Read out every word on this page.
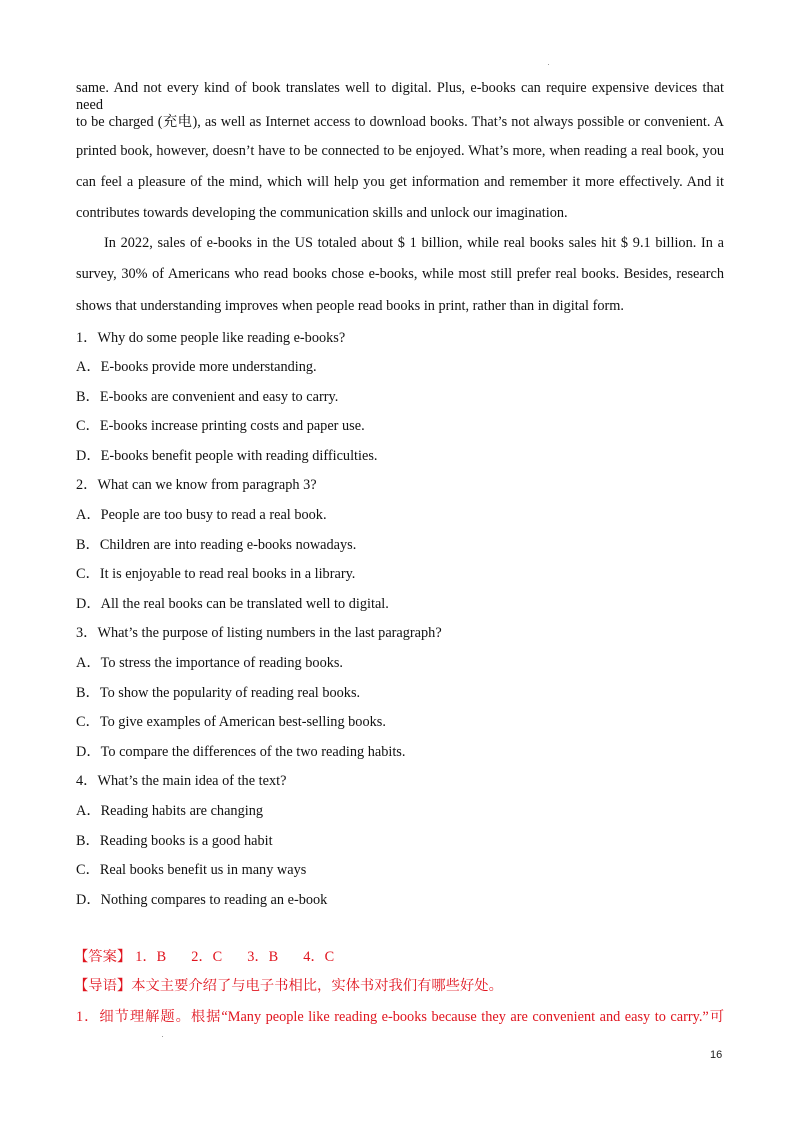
same. And not every kind of book translates well to digital. Plus, e-books can require expensive devices that need
to be charged (充电), as well as Internet access to download books. That’s not always possible or convenient. A
printed book, however, doesn’t have to be connected to be enjoyed. What’s more, when reading a real book, you
can feel a pleasure of the mind, which will help you get information and remember it more effectively. And it
contributes towards developing the communication skills and unlock our imagination.
In 2022, sales of e-books in the US totaled about $ 1 billion, while real books sales hit $ 9.1 billion. In a
survey, 30% of Americans who read books chose e-books, while most still prefer real books. Besides, research
shows that understanding improves when people read books in print, rather than in digital form.
1．Why do some people like reading e-books?
A．E-books provide more understanding.
B．E-books are convenient and easy to carry.
C．E-books increase printing costs and paper use.
D．E-books benefit people with reading difficulties.
2．What can we know from paragraph 3?
A．People are too busy to read a real book.
B．Children are into reading e-books nowadays.
C．It is enjoyable to read real books in a library.
D．All the real books can be translated well to digital.
3．What’s the purpose of listing numbers in the last paragraph?
A．To stress the importance of reading books.
B．To show the popularity of reading real books.
C．To give examples of American best-selling books.
D．To compare the differences of the two reading habits.
4．What’s the main idea of the text?
A．Reading habits are changing
B．Reading books is a good habit
C．Real books benefit us in many ways
D．Nothing compares to reading an e-book
【答案】 1．B 2．C 3．B 4．C
【导语】本文主要介绍了与电子书相比，实体书对我们有哪些好处。
1．细节理解题。根据“Many people like reading e-books because they are convenient and easy to carry.”可
16
